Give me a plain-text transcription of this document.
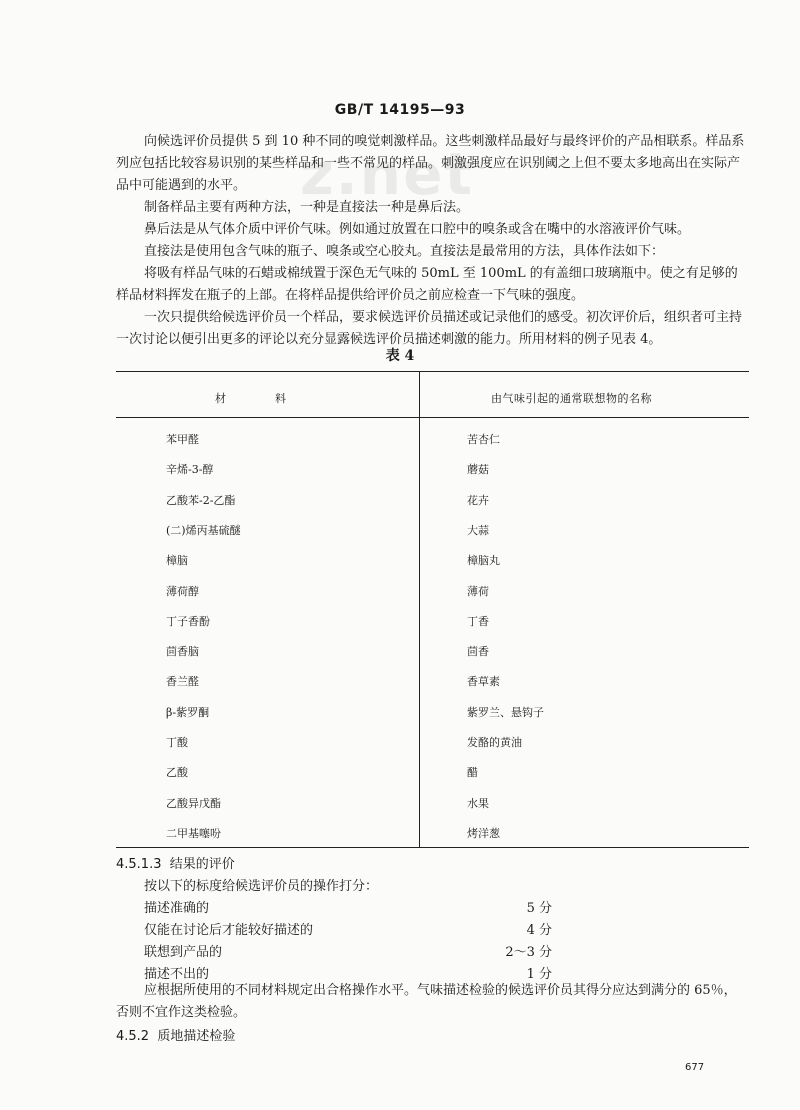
GB/T 14195—93
z.net

向候选评价员提供 5 到 10 种不同的嗅觉刺激样品。这些刺激样品最好与最终评价的产品相联系。样品系列应包括比较容易识别的某些样品和一些不常见的样品。刺激强度应在识别阈之上但不要太多地高出在实际产品中可能遇到的水平。

制备样品主要有两种方法，一种是直接法一种是鼻后法。

鼻后法是从气体介质中评价气味。例如通过放置在口腔中的嗅条或含在嘴中的水溶液评价气味。

直接法是使用包含气味的瓶子、嗅条或空心胶丸。直接法是最常用的方法，具体作法如下：

将吸有样品气味的石蜡或棉绒置于深色无气味的 50mL 至 100mL 的有盖细口玻璃瓶中。使之有足够的样品材料挥发在瓶子的上部。在将样品提供给评价员之前应检查一下气味的强度。

一次只提供给候选评价员一个样品，要求候选评价员描述或记录他们的感受。初次评价后，组织者可主持一次讨论以便引出更多的评论以充分显露候选评价员描述刺激的能力。所用材料的例子见表 4。

表 4
材　　　　料	由气味引起的通常联想物的名称
苯甲醛	苦杏仁
辛烯-3-醇	蘑菇
乙酸苯-2-乙酯	花卉
(二)烯丙基硫醚	大蒜
樟脑	樟脑丸
薄荷醇	薄荷
丁子香酚	丁香
茴香脑	茴香
香兰醛	香草素
β-紫罗酮	紫罗兰、悬钩子
丁酸	发酪的黄油
乙酸	醋
乙酸异戊酯	水果
二甲基噻吩	烤洋葱
4.5.1.3 结果的评价
按以下的标度给候选评价员的操作打分：
描述准确的	5 分
仅能在讨论后才能较好描述的	4 分
联想到产品的	2～3 分
描述不出的	1 分

应根据所使用的不同材料规定出合格操作水平。气味描述检验的候选评价员其得分应达到满分的 65％，否则不宜作这类检验。

4.5.2 质地描述检验
677
